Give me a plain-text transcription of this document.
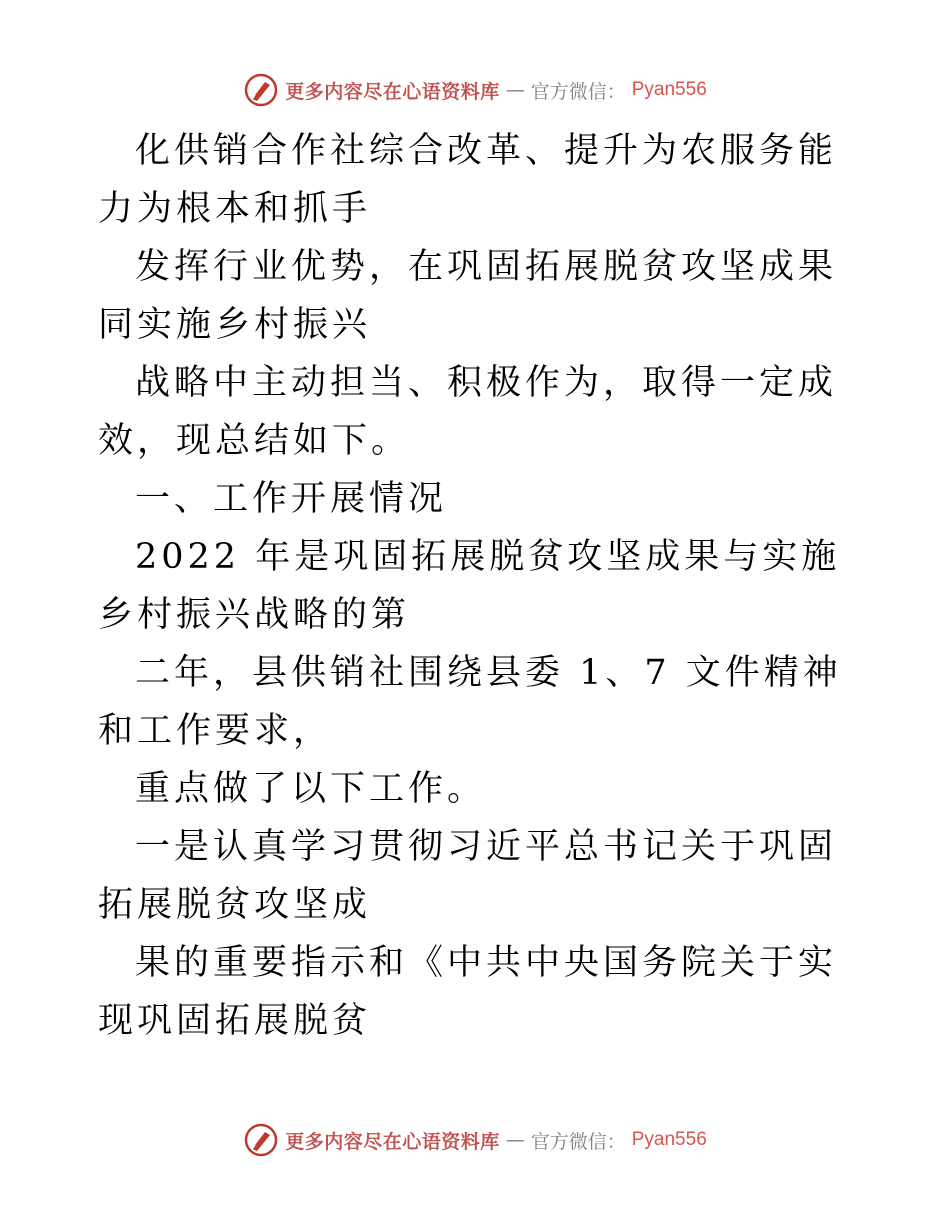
更多内容尽在心语资料库 — 官方微信： Pyan556

化供销合作社综合改革、提升为农服务能力为根本和抓手

发挥行业优势，在巩固拓展脱贫攻坚成果同实施乡村振兴

战略中主动担当、积极作为，取得一定成效，现总结如下。

一、工作开展情况

2022 年是巩固拓展脱贫攻坚成果与实施乡村振兴战略的第

二年，县供销社围绕县委 1、7 文件精神和工作要求，

重点做了以下工作。

一是认真学习贯彻习近平总书记关于巩固拓展脱贫攻坚成

果的重要指示和《中共中央国务院关于实现巩固拓展脱贫

更多内容尽在心语资料库 — 官方微信： Pyan556
